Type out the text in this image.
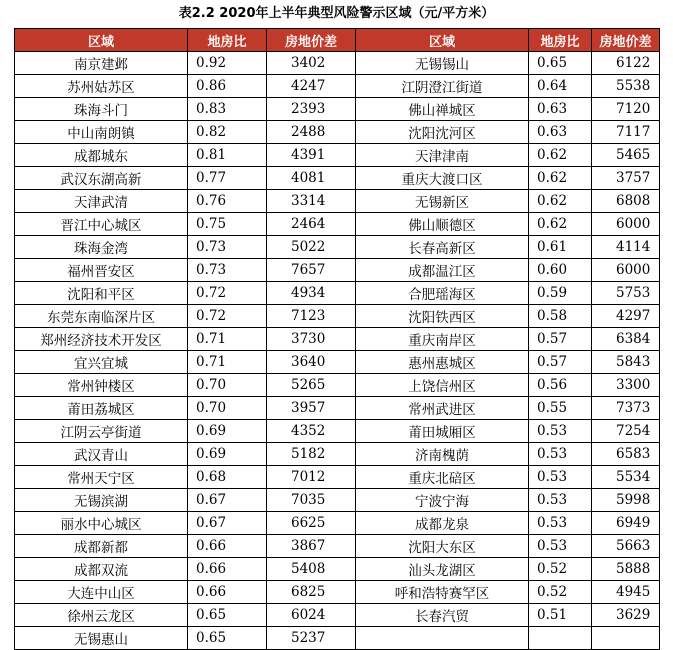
表2.2 2020年上半年典型风险警示区域（元/平方米）
区域	地房比	房地价差	区域	地房比	房地价差
南京建邺	0.92	3402	无锡锡山	0.65	6122
苏州姑苏区	0.86	4247	江阴澄江街道	0.64	5538
珠海斗门	0.83	2393	佛山禅城区	0.63	7120
中山南朗镇	0.82	2488	沈阳沈河区	0.63	7117
成都城东	0.81	4391	天津津南	0.62	5465
武汉东湖高新	0.77	4081	重庆大渡口区	0.62	3757
天津武清	0.76	3314	无锡新区	0.62	6808
晋江中心城区	0.75	2464	佛山顺德区	0.62	6000
珠海金湾	0.73	5022	长春高新区	0.61	4114
福州晋安区	0.73	7657	成都温江区	0.60	6000
沈阳和平区	0.72	4934	合肥瑶海区	0.59	5753
东莞东南临深片区	0.72	7123	沈阳铁西区	0.58	4297
郑州经济技术开发区	0.71	3730	重庆南岸区	0.57	6384
宜兴宜城	0.71	3640	惠州惠城区	0.57	5843
常州钟楼区	0.70	5265	上饶信州区	0.56	3300
莆田荔城区	0.70	3957	常州武进区	0.55	7373
江阴云亭街道	0.69	4352	莆田城厢区	0.53	7254
武汉青山	0.69	5182	济南槐荫	0.53	6583
常州天宁区	0.68	7012	重庆北碚区	0.53	5534
无锡滨湖	0.67	7035	宁波宁海	0.53	5998
丽水中心城区	0.67	6625	成都龙泉	0.53	6949
成都新都	0.66	3867	沈阳大东区	0.53	5663
成都双流	0.66	5408	汕头龙湖区	0.52	5888
大连中山区	0.66	6825	呼和浩特赛罕区	0.52	4945
徐州云龙区	0.65	6024	长春汽贸	0.51	3629
无锡惠山	0.65	5237			
